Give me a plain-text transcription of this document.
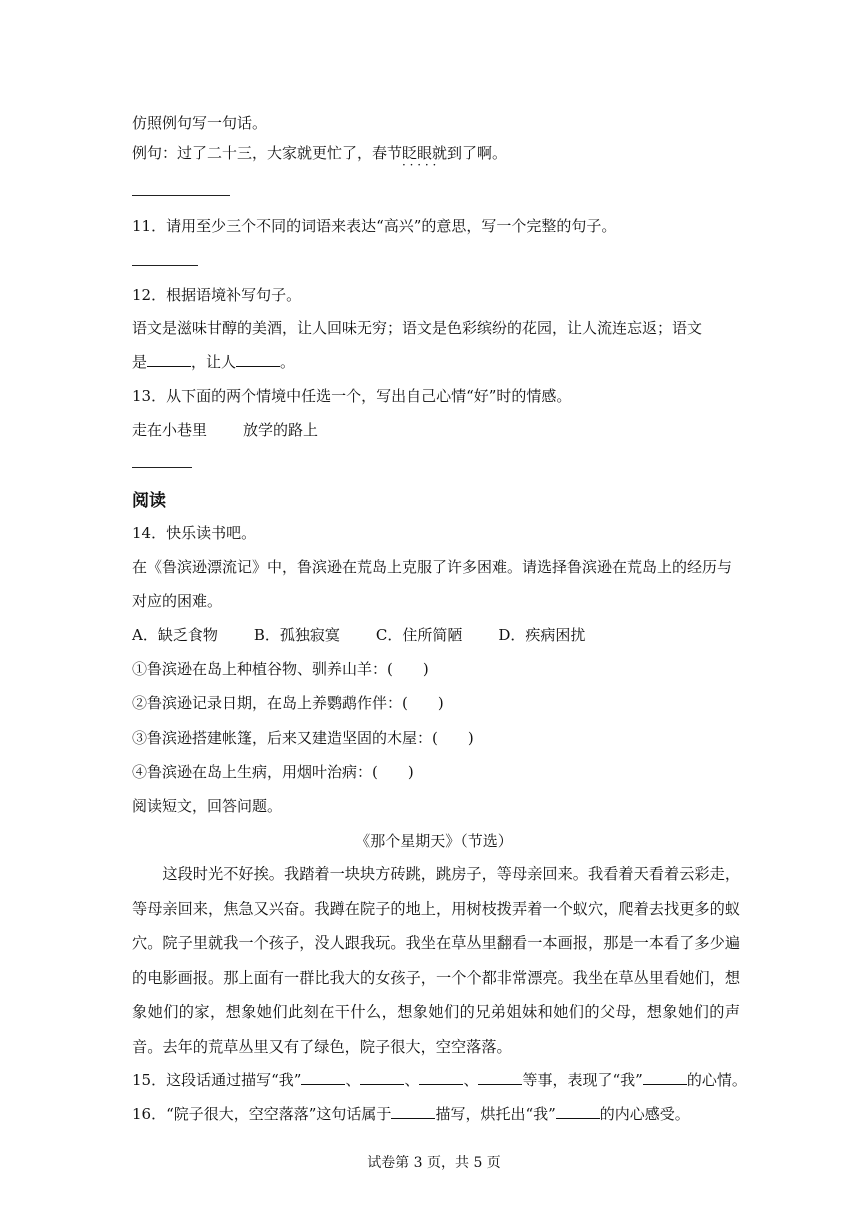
仿照例句写一句话。
例句：过了二十三，大家就更忙了，春节眨眼就到 · · ·了啊。
11．请用至少三个不同的词语来表达“高兴”的意思，写一个完整的句子。
12．根据语境补写句子。
语文是滋味甘醇的美酒，让人回味无穷；语文是色彩缤纷的花园，让人流连忘返；语文
是	，让人	。
13．从下面的两个情境中任选一个，写出自己心情“好”时的情感。
走在小巷里 放学的路上
阅读
14．快乐读书吧。
在《鲁滨逊漂流记》中，鲁滨逊在荒岛上克服了许多困难。请选择鲁滨逊在荒岛上的经历与
对应的困难。
A．缺乏食物 B．孤独寂寞 C．住所简陋 D．疾病困扰
①鲁滨逊在岛上种植谷物、驯养山羊：(　　)
②鲁滨逊记录日期，在岛上养鹦鹉作伴：(　　)
③鲁滨逊搭建帐篷，后来又建造坚固的木屋：(　　)
④鲁滨逊在岛上生病，用烟叶治病：(　　)
阅读短文，回答问题。
《那个星期天》（节选）
这段时光不好挨。我踏着一块块方砖跳，跳房子，等母亲回来。我看着天看着云彩走，等母亲回来，焦急又兴奋。我蹲在院子的地上，用树枝拨弄着一个蚁穴，爬着去找更多的蚁穴。院子里就我一个孩子，没人跟我玩。我坐在草丛里翻看一本画报，那是一本看了多少遍的电影画报。那上面有一群比我大的女孩子，一个个都非常漂亮。我坐在草丛里看她们，想象她们的家，想象她们此刻在干什么，想象她们的兄弟姐妹和她们的父母，想象她们的声音。去年的荒草丛里又有了绿色，院子很大，空空落落。
15．这段话通过描写“我”	、	、	、	等事，表现了“我”	的心情。
16．“院子很大，空空落落”这句话属于	描写，烘托出“我”	的内心感受。
试卷第 3 页，共 5 页
